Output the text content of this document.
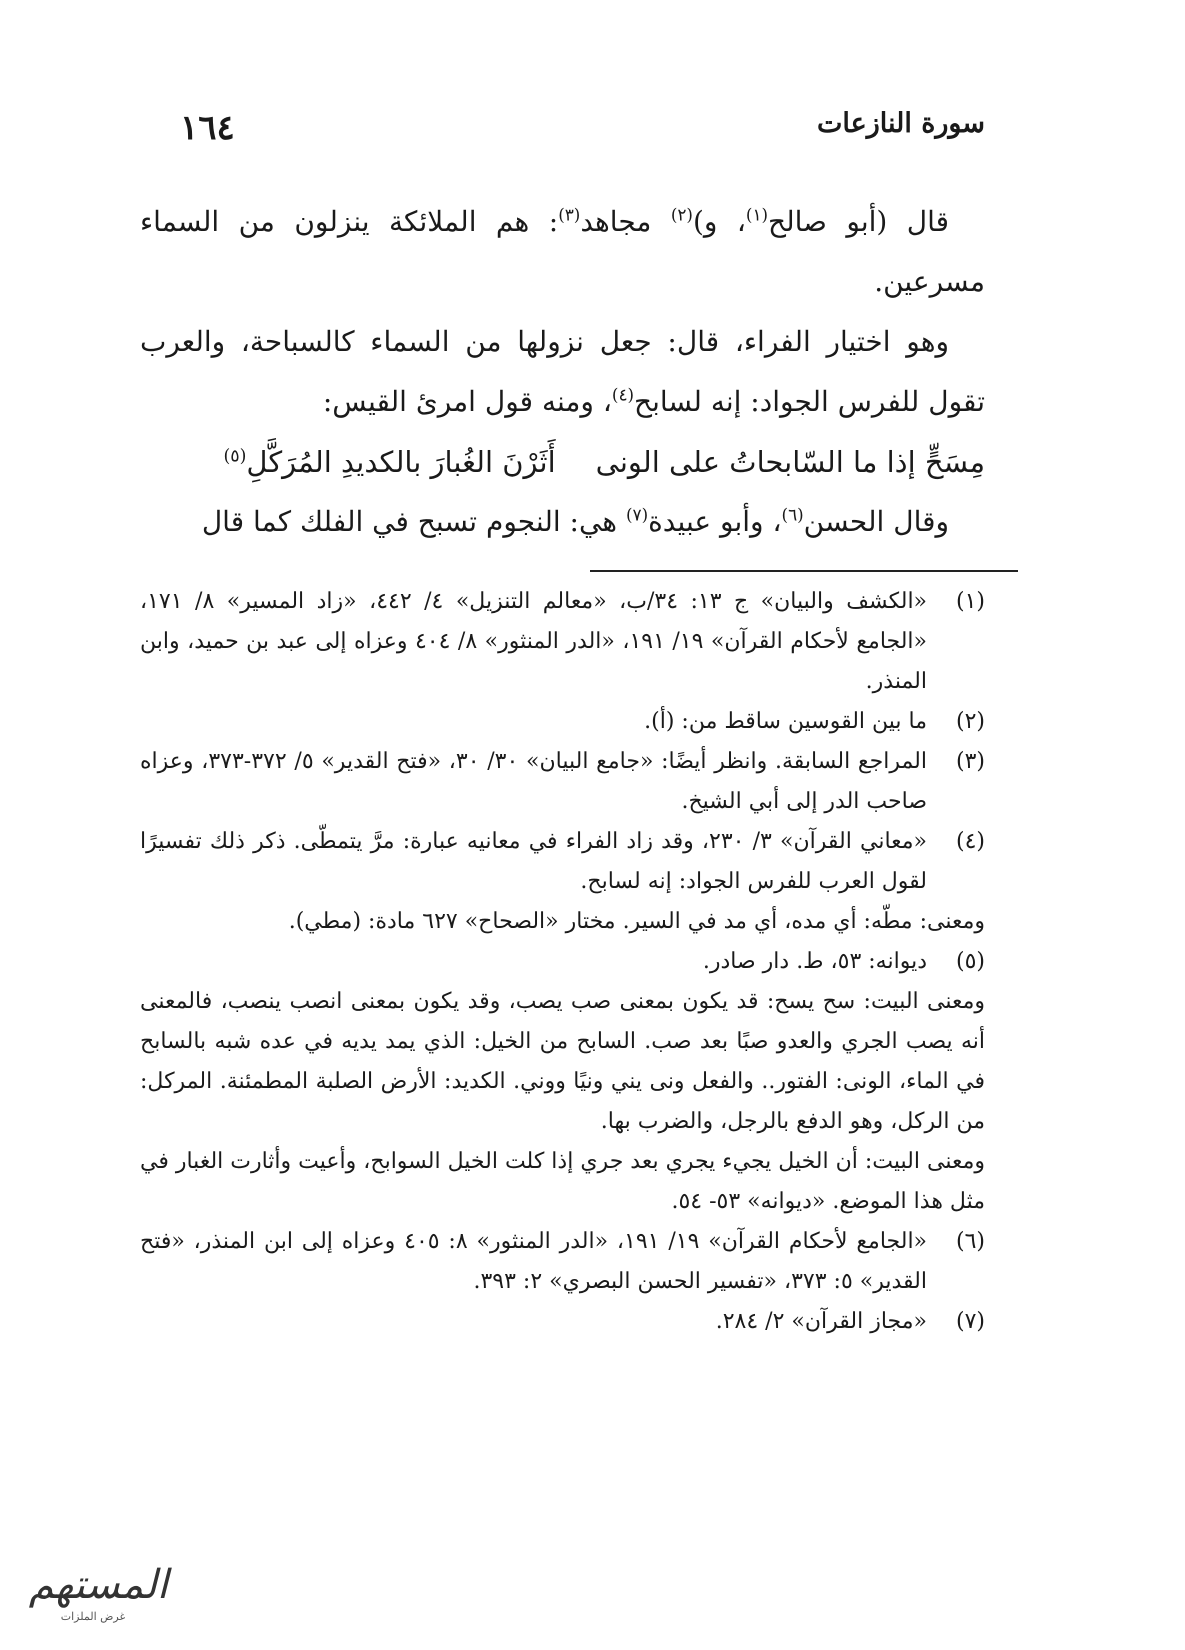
سورة النازعات
١٦٤

قال (أبو صالح$^{(١)}$، و)$^{(٢)}$ مجاهد$^{(٣)}$: هم الملائكة ينزلون من السماء مسرعين.

وهو اختيار الفراء، قال: جعل نزولها من السماء كالسباحة، والعرب تقول للفرس الجواد: إنه لسابح$^{(٤)}$، ومنه قول امرئ القيس:

مِسَحٍّ إذا ما السّابحاتُ على الونى
أَثَرْنَ الغُبارَ بالكديدِ المُرَكَّلِ$^{(٥)}$

وقال الحسن$^{(٦)}$، وأبو عبيدة$^{(٧)}$ هي: النجوم تسبح في الفلك كما قال

(١)
«الكشف والبيان» ج ١٣: ٣٤/ب، «معالم التنزيل» ٤/ ٤٤٢، «زاد المسير» ٨/ ١٧١، «الجامع لأحكام القرآن» ١٩/ ١٩١، «الدر المنثور» ٨/ ٤٠٤ وعزاه إلى عبد بن حميد، وابن المنذر.
(٢)
ما بين القوسين ساقط من: (أ).
(٣)
المراجع السابقة. وانظر أيضًا: «جامع البيان» ٣٠/ ٣٠، «فتح القدير» ٥/ ٣٧٢-٣٧٣، وعزاه صاحب الدر إلى أبي الشيخ.
(٤)
«معاني القرآن» ٣/ ٢٣٠، وقد زاد الفراء في معانيه عبارة: مرَّ يتمطّى. ذكر ذلك تفسيرًا لقول العرب للفرس الجواد: إنه لسابح.

ومعنى: مطّه: أي مده، أي مد في السير. مختار «الصحاح» ٦٢٧ مادة: (مطي).

(٥)
ديوانه: ٥٣، ط. دار صادر.

ومعنى البيت: سح يسح: قد يكون بمعنى صب يصب، وقد يكون بمعنى انصب ينصب، فالمعنى أنه يصب الجري والعدو صبًا بعد صب. السابح من الخيل: الذي يمد يديه في عده شبه بالسابح في الماء، الونى: الفتور.. والفعل ونى يني ونيًا ووني. الكديد: الأرض الصلبة المطمئنة. المركل: من الركل، وهو الدفع بالرجل، والضرب بها.

ومعنى البيت: أن الخيل يجيء يجري بعد جري إذا كلت الخيل السوابح، وأعيت وأثارت الغبار في مثل هذا الموضع. «ديوانه» ٥٣- ٥٤.

(٦)
«الجامع لأحكام القرآن» ١٩/ ١٩١، «الدر المنثور» ٨: ٤٠٥ وعزاه إلى ابن المنذر، «فتح القدير» ٥: ٣٧٣، «تفسير الحسن البصري» ٢: ٣٩٣.
(٧)
«مجاز القرآن» ٢/ ٢٨٤.
المستهم
غرض الملزات
